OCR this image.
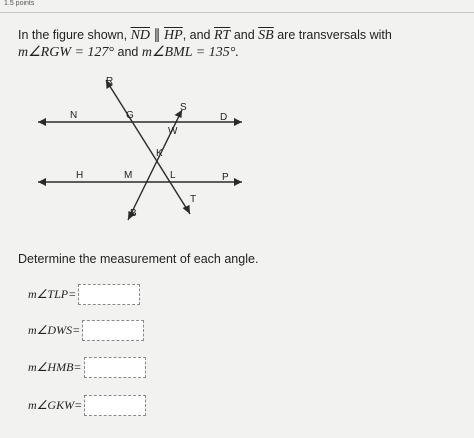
1.5 points
In the figure shown, $\overline{ND}$ ∥ $\overline{HP}$, and $\overline{RT}$ and $\overline{SB}$ are transversals with
m∠RGW = 127° and m∠BML = 135°.
R
N	G
S
D
W
K
H	M	L	P
T
B
Determine the measurement of each angle.
m∠TLP =
m∠DWS =
m∠HMB =
m∠GKW =
